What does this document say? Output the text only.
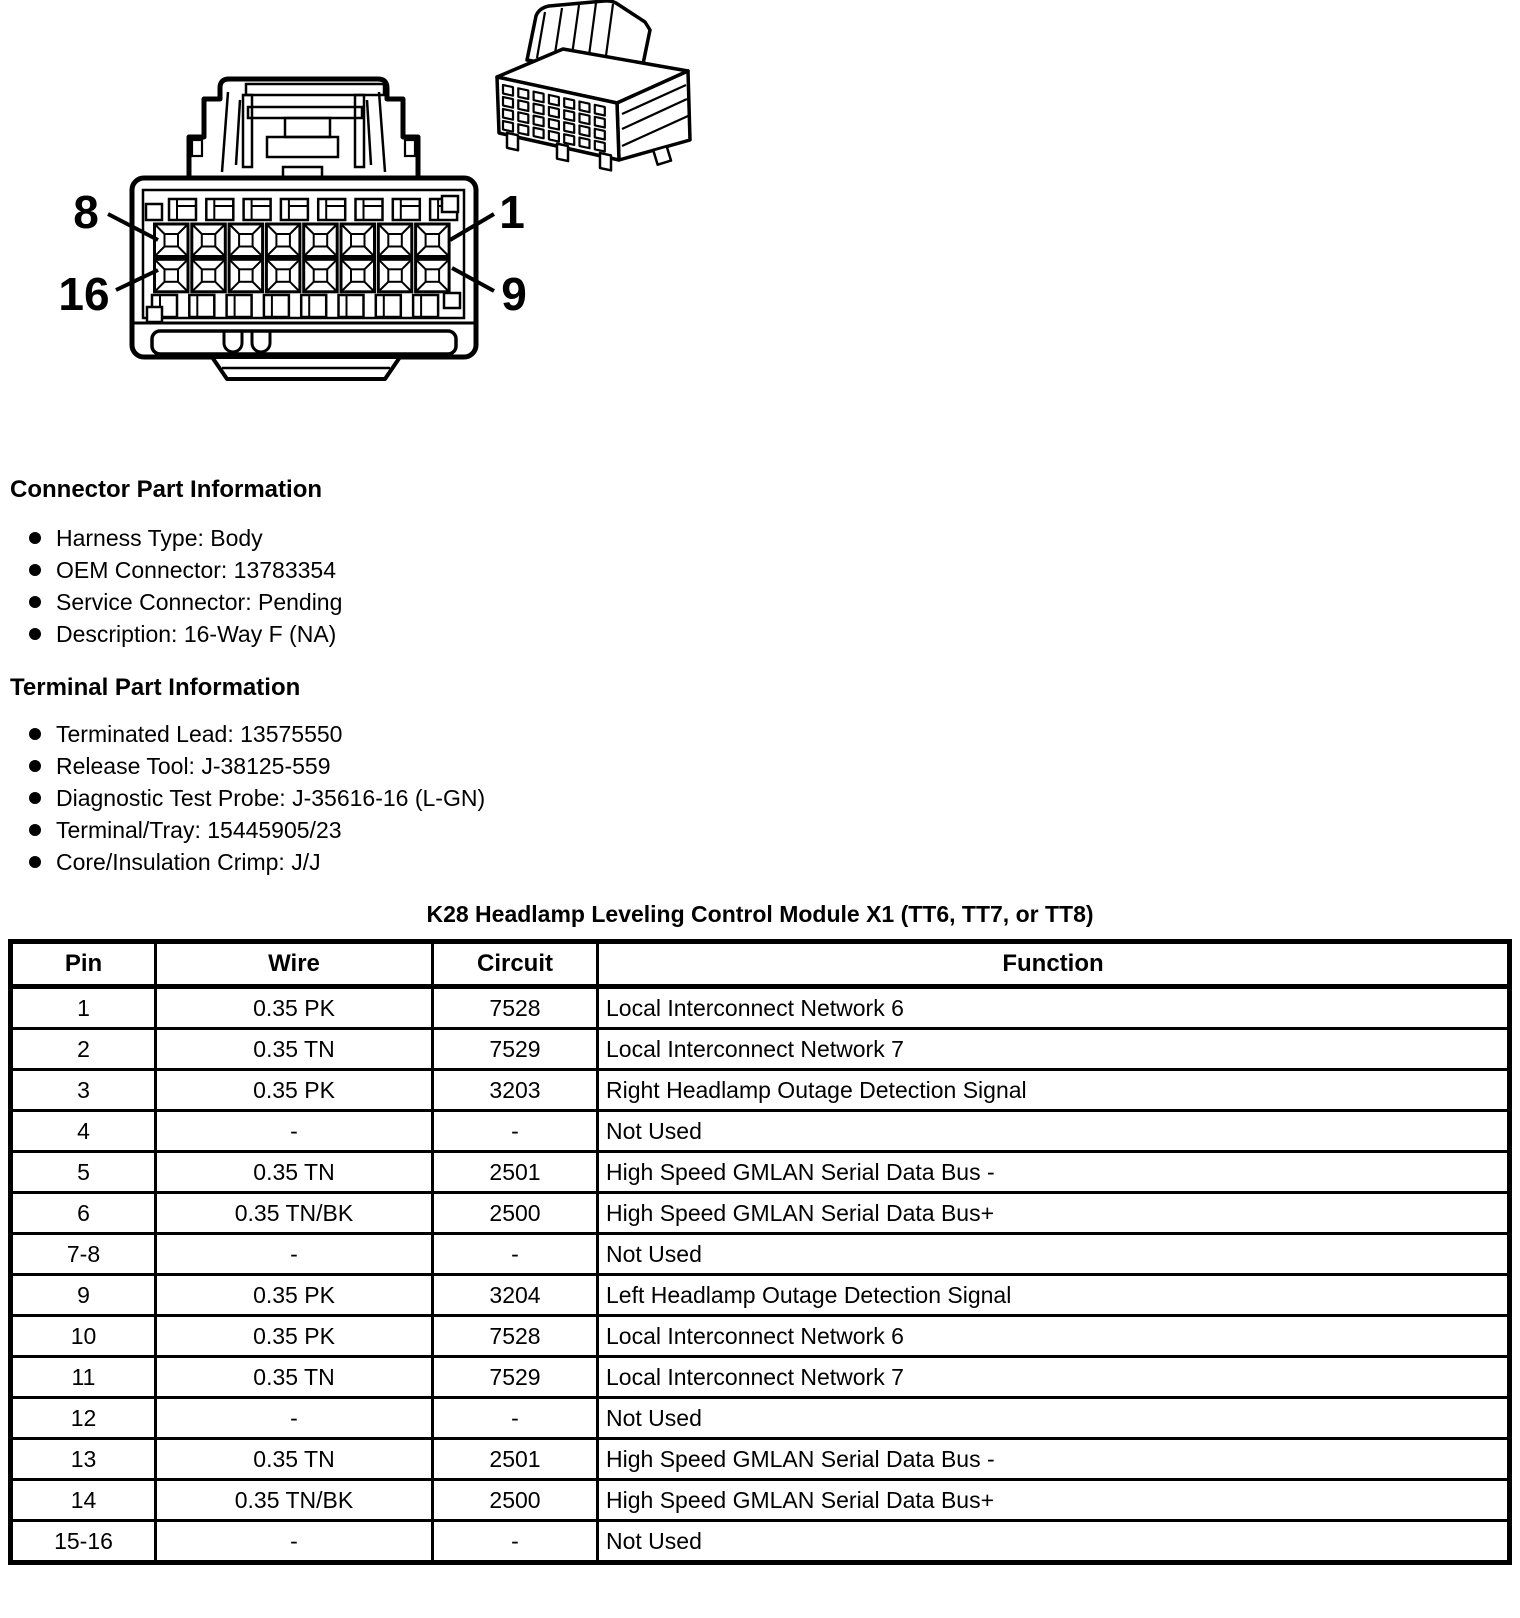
8
16
1
9
Connector Part Information
Harness Type: Body
OEM Connector: 13783354
Service Connector: Pending
Description: 16-Way F (NA)
Terminal Part Information
Terminated Lead: 13575550
Release Tool: J-38125-559
Diagnostic Test Probe: J-35616-16 (L-GN)
Terminal/Tray: 15445905/23
Core/Insulation Crimp: J/J
K28 Headlamp Leveling Control Module X1 (TT6, TT7, or TT8)
Pin	Wire	Circuit	Function
1	0.35 PK	7528	Local Interconnect Network 6
2	0.35 TN	7529	Local Interconnect Network 7
3	0.35 PK	3203	Right Headlamp Outage Detection Signal
4	-	-	Not Used
5	0.35 TN	2501	High Speed GMLAN Serial Data Bus -
6	0.35 TN/BK	2500	High Speed GMLAN Serial Data Bus+
7-8	-	-	Not Used
9	0.35 PK	3204	Left Headlamp Outage Detection Signal
10	0.35 PK	7528	Local Interconnect Network 6
11	0.35 TN	7529	Local Interconnect Network 7
12	-	-	Not Used
13	0.35 TN	2501	High Speed GMLAN Serial Data Bus -
14	0.35 TN/BK	2500	High Speed GMLAN Serial Data Bus+
15-16	-	-	Not Used
